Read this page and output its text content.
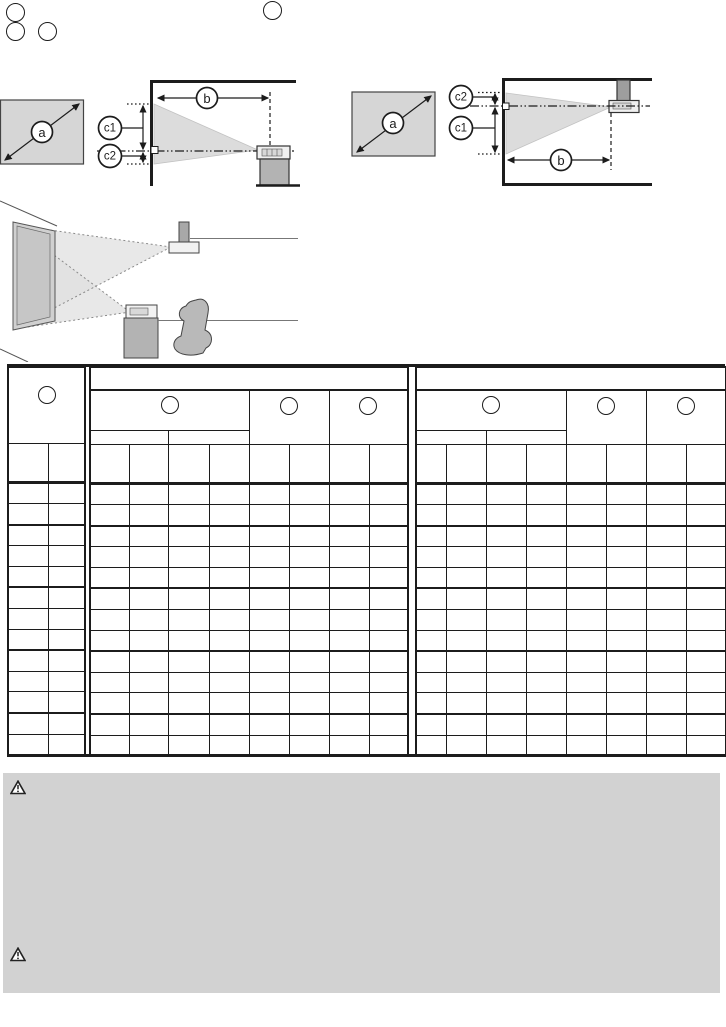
a
b
c1
c2
a
c2
c1
b
